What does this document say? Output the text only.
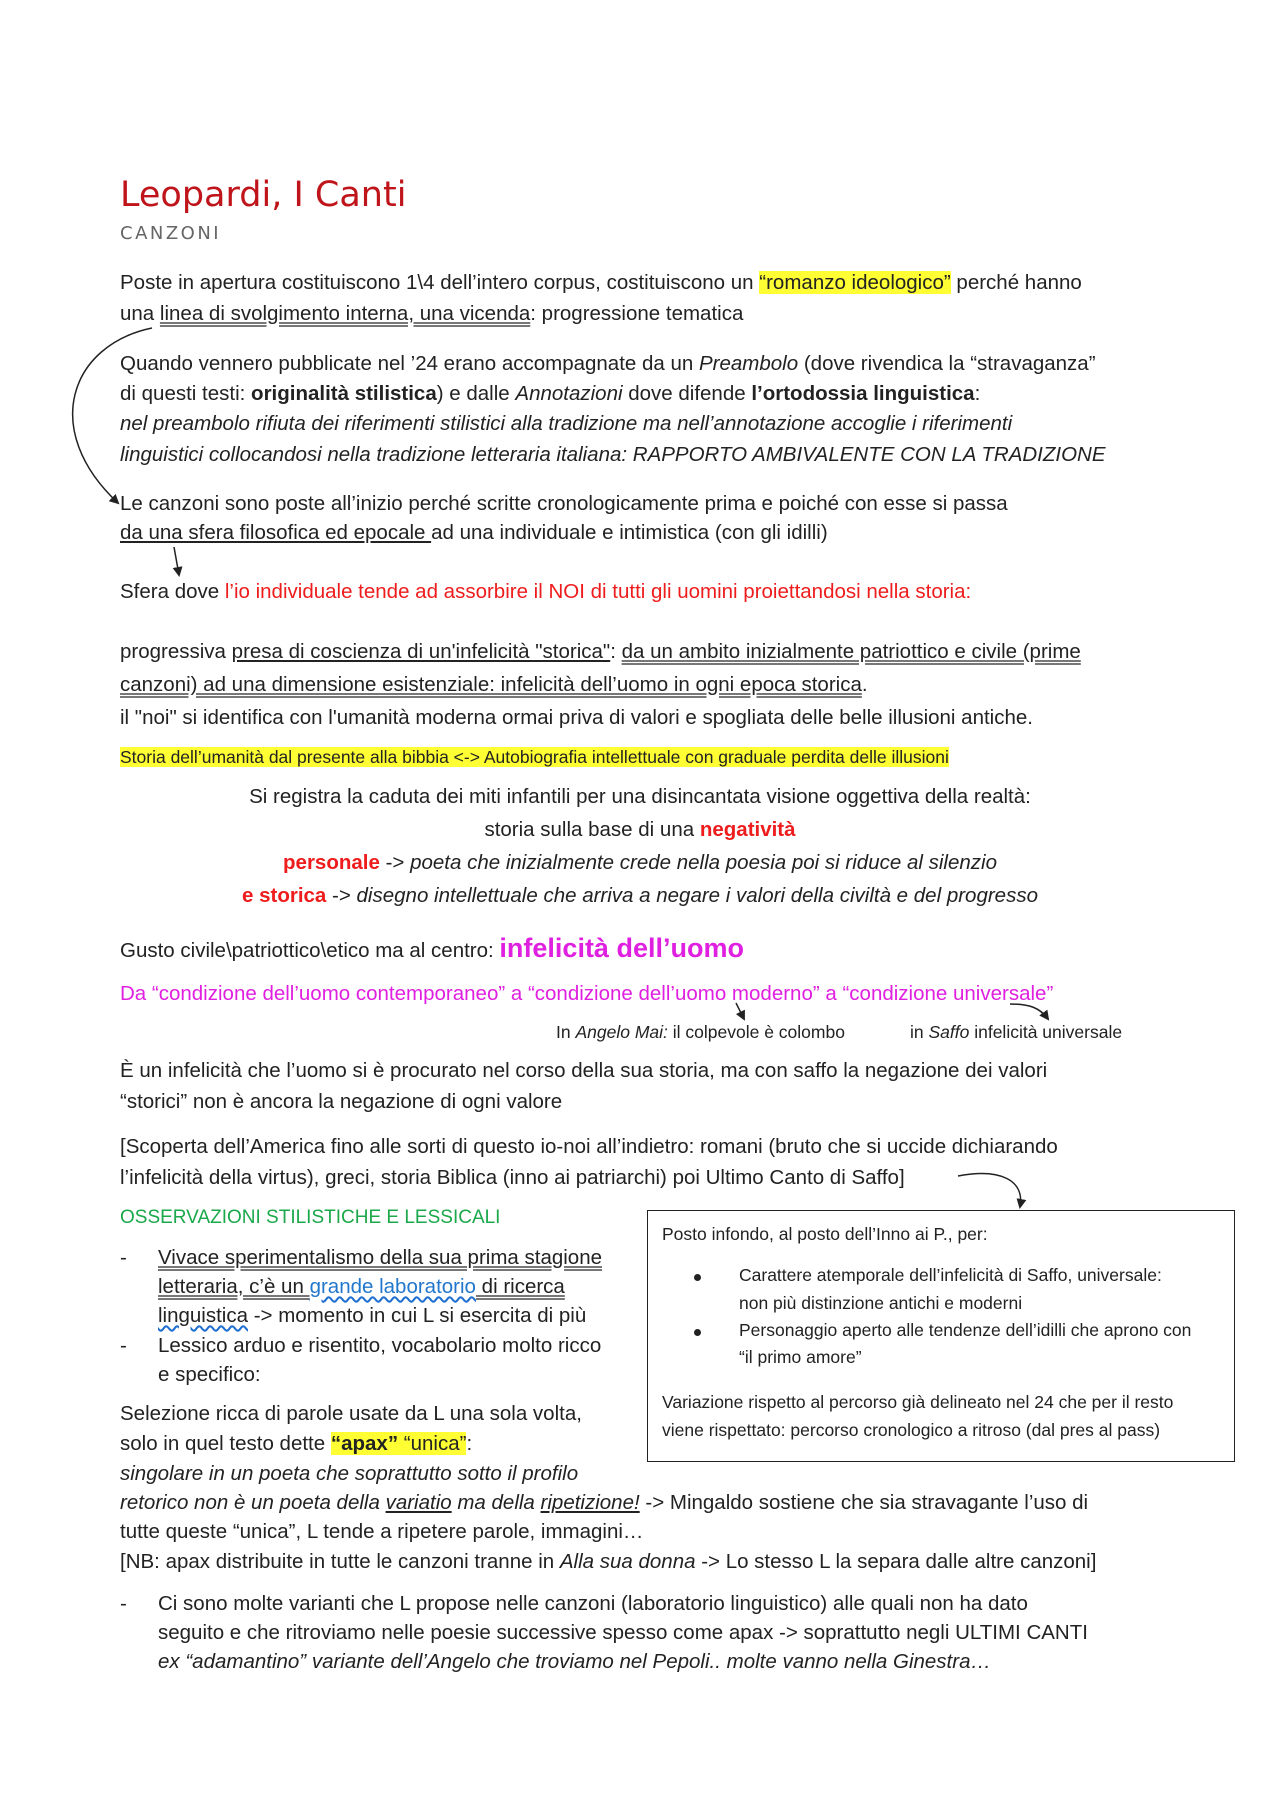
Leopardi, I Canti
CANZONI
Poste in apertura costituiscono 1\4 dell’intero corpus, costituiscono un “romanzo ideologico” perché hanno
una linea di svolgimento interna, una vicenda: progressione tematica
Quando vennero pubblicate nel ’24 erano accompagnate da un Preambolo (dove rivendica la “stravaganza”
di questi testi: originalità stilistica) e dalle Annotazioni dove difende l’ortodossia linguistica:
nel preambolo rifiuta dei riferimenti stilistici alla tradizione ma nell’annotazione accoglie i riferimenti
linguistici collocandosi nella tradizione letteraria italiana: RAPPORTO AMBIVALENTE CON LA TRADIZIONE
Le canzoni sono poste all’inizio perché scritte cronologicamente prima e poiché con esse si passa
da una sfera filosofica ed epocale ad una individuale e intimistica (con gli idilli)
Sfera dove l’io individuale tende ad assorbire il NOI di tutti gli uomini proiettandosi nella storia:
progressiva presa di coscienza di un'infelicità "storica": da un ambito inizialmente patriottico e civile (prime
canzoni) ad una dimensione esistenziale: infelicità dell’uomo in ogni epoca storica.
il "noi" si identifica con l'umanità moderna ormai priva di valori e spogliata delle belle illusioni antiche.
Storia dell’umanità dal presente alla bibbia <-> Autobiografia intellettuale con graduale perdita delle illusioni
Si registra la caduta dei miti infantili per una disincantata visione oggettiva della realtà:
storia sulla base di una negatività
personale -> poeta che inizialmente crede nella poesia poi si riduce al silenzio
e storica -> disegno intellettuale che arriva a negare i valori della civiltà e del progresso
Gusto civile\patriottico\etico ma al centro: infelicità dell’uomo
Da “condizione dell’uomo contemporaneo” a “condizione dell’uomo moderno” a “condizione universale”
In Angelo Mai: il colpevole è colombo	in Saffo infelicità universale
È un infelicità che l’uomo si è procurato nel corso della sua storia, ma con saffo la negazione dei valori
“storici” non è ancora la negazione di ogni valore
[Scoperta dell’America fino alle sorti di questo io-noi all’indietro: romani (bruto che si uccide dichiarando
l’infelicità della virtus), greci, storia Biblica (inno ai patriarchi) poi Ultimo Canto di Saffo]
OSSERVAZIONI STILISTICHE E LESSICALI
- Vivace sperimentalismo della sua prima stagione
letteraria, c’è un grande laboratorio di ricerca
linguistica -> momento in cui L si esercita di più
- Lessico arduo e risentito, vocabolario molto ricco
e specifico:
Selezione ricca di parole usate da L una sola volta,
solo in quel testo dette “apax” “unica”:
singolare in un poeta che soprattutto sotto il profilo
retorico non è un poeta della variatio ma della ripetizione! -> Mingaldo sostiene che sia stravagante l’uso di
tutte queste “unica”, L tende a ripetere parole, immagini…
[NB: apax distribuite in tutte le canzoni tranne in Alla sua donna -> Lo stesso L la separa dalle altre canzoni]
- Ci sono molte varianti che L propose nelle canzoni (laboratorio linguistico) alle quali non ha dato
seguito e che ritroviamo nelle poesie successive spesso come apax -> soprattutto negli ULTIMI CANTI
ex “adamantino” variante dell’Angelo che troviamo nel Pepoli.. molte vanno nella Ginestra…
Posto infondo, al posto dell’Inno ai P., per:
Carattere atemporale dell’infelicità di Saffo, universale:
non più distinzione antichi e moderni
Personaggio aperto alle tendenze dell’idilli che aprono con
“il primo amore”
Variazione rispetto al percorso già delineato nel 24 che per il resto
viene rispettato: percorso cronologico a ritroso (dal pres al pass)
